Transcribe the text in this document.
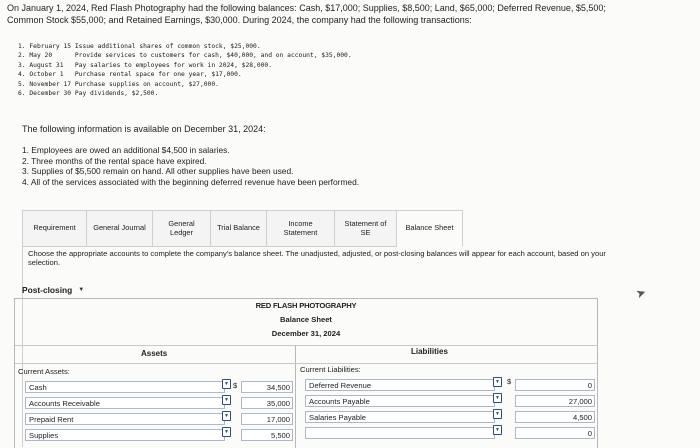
On January 1, 2024, Red Flash Photography had the following balances: Cash, $17,000; Supplies, $8,500; Land, $65,000; Deferred Revenue, $5,500; Common Stock $55,000; and Retained Earnings, $30,000. During 2024, the company had the following transactions:
1. February 15 Issue additional shares of common stock, $25,000.
2. May 20      Provide services to customers for cash, $40,000, and on account, $35,000.
3. August 31   Pay salaries to employees for work in 2024, $28,000.
4. October 1   Purchase rental space for one year, $17,000.
5. November 17 Purchase supplies on account, $27,000.
6. December 30 Pay dividends, $2,500.
The following information is available on December 31, 2024:
1. Employees are owed an additional $4,500 in salaries.
2. Three months of the rental space have expired.
3. Supplies of $5,500 remain on hand. All other supplies have been used.
4. All of the services associated with the beginning deferred revenue have been performed.
Requirement	General Journal	General Ledger	Trial Balance	Income Statement
Statement of SE	Balance Sheet
Choose the appropriate accounts to complete the company's balance sheet. The unadjusted, adjusted, or post-closing balances will appear for each account, based on your selection.
Post-closing ▼	➤
RED FLASH PHOTOGRAPHY
Balance Sheet
December 31, 2024
Assets	Liabilities
Current Assets:	Current Liabilities:
Cash	▼ $	34,500
Accounts Receivable	▼	35,000
Prepaid Rent	▼	17,000
Supplies	▼	5,500
Deferred Revenue	▼ $	0
Accounts Payable	▼	27,000
Salaries Payable	▼	4,500
▼	0
